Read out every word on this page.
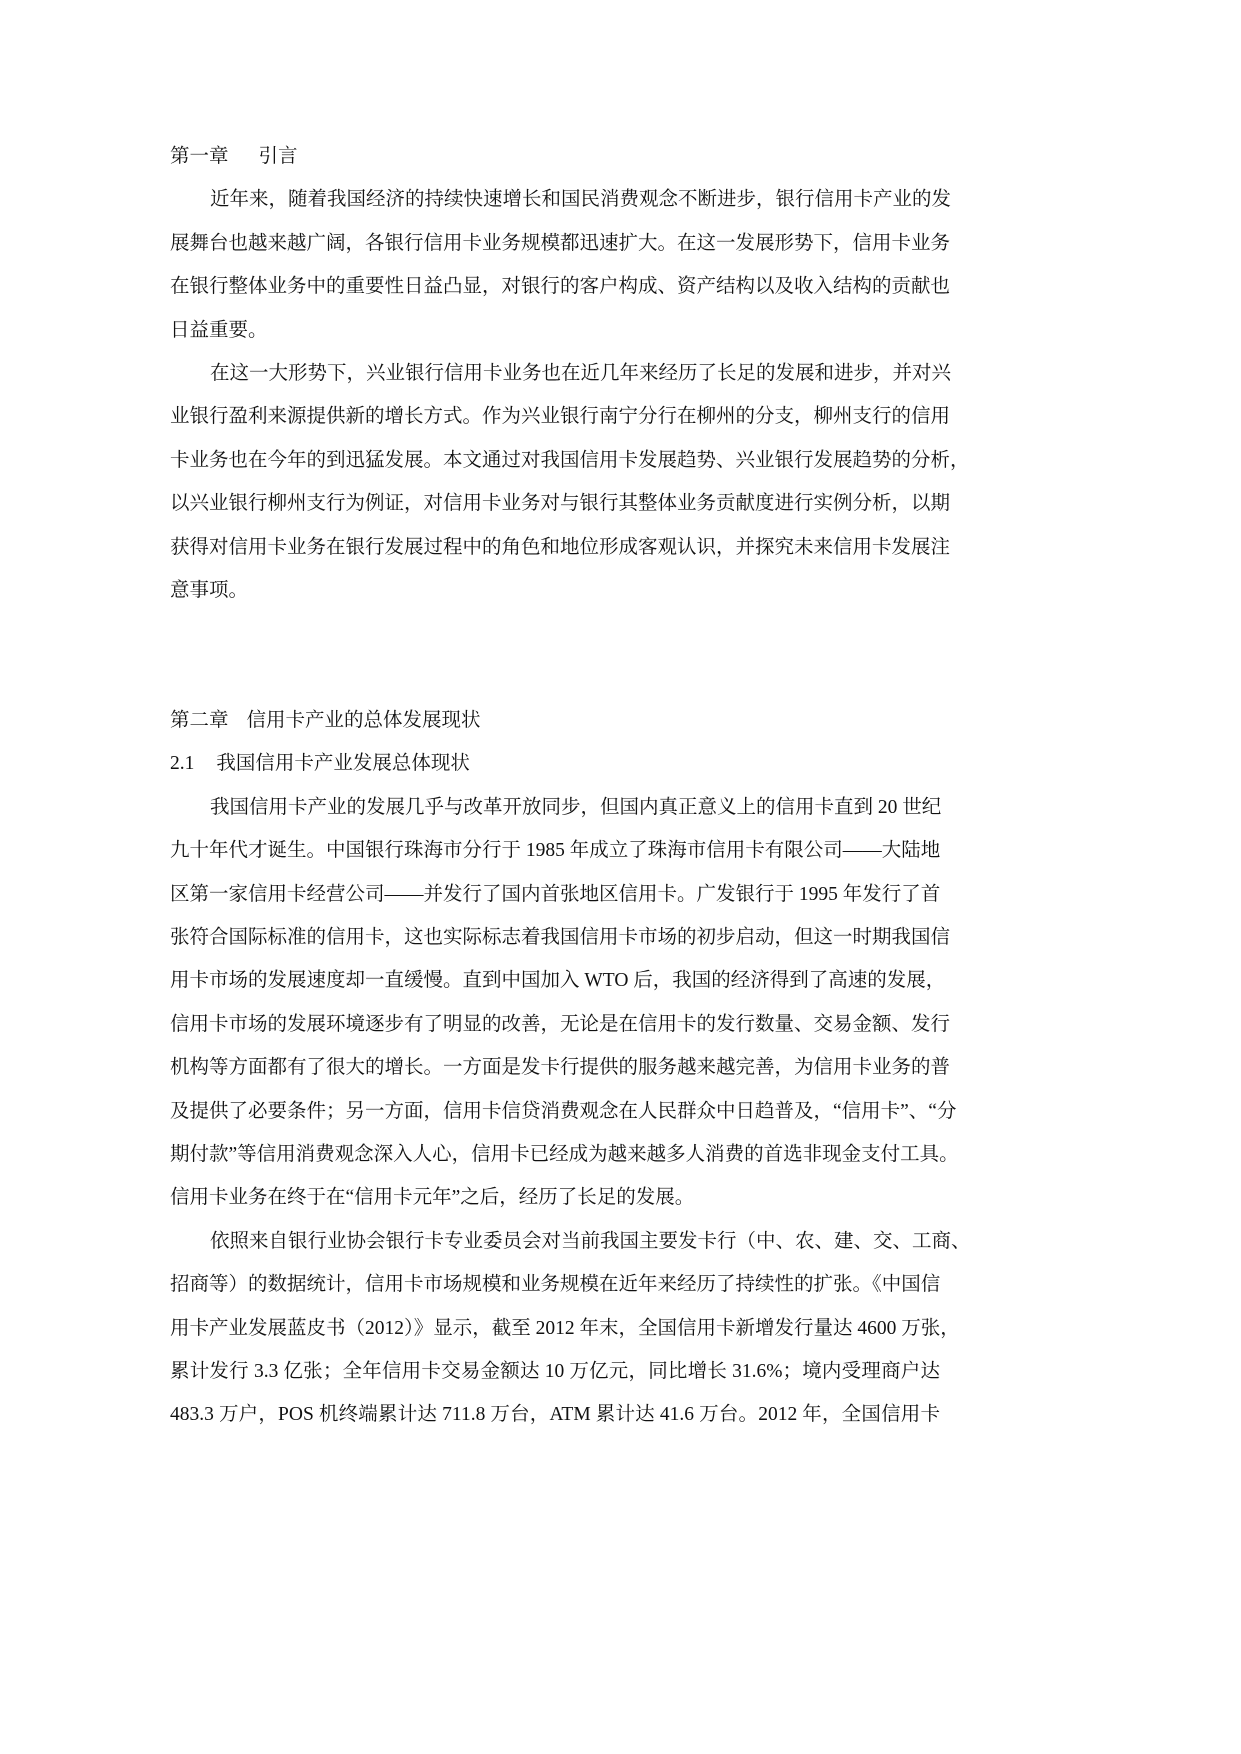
第一章 引言
近年来，随着我国经济的持续快速增长和国民消费观念不断进步，银行信用卡产业的发
展舞台也越来越广阔，各银行信用卡业务规模都迅速扩大。在这一发展形势下，信用卡业务
在银行整体业务中的重要性日益凸显，对银行的客户构成、资产结构以及收入结构的贡献也
日益重要。
在这一大形势下，兴业银行信用卡业务也在近几年来经历了长足的发展和进步，并对兴
业银行盈利来源提供新的增长方式。作为兴业银行南宁分行在柳州的分支，柳州支行的信用
卡业务也在今年的到迅猛发展。本文通过对我国信用卡发展趋势、兴业银行发展趋势的分析，
以兴业银行柳州支行为例证，对信用卡业务对与银行其整体业务贡献度进行实例分析，以期
获得对信用卡业务在银行发展过程中的角色和地位形成客观认识，并探究未来信用卡发展注
意事项。
第二章 信用卡产业的总体发展现状
2.1 我国信用卡产业发展总体现状
我国信用卡产业的发展几乎与改革开放同步，但国内真正意义上的信用卡直到 20 世纪
九十年代才诞生。中国银行珠海市分行于 1985 年成立了珠海市信用卡有限公司——大陆地
区第一家信用卡经营公司——并发行了国内首张地区信用卡。广发银行于 1995 年发行了首
张符合国际标准的信用卡，这也实际标志着我国信用卡市场的初步启动，但这一时期我国信
用卡市场的发展速度却一直缓慢。直到中国加入 WTO 后，我国的经济得到了高速的发展，
信用卡市场的发展环境逐步有了明显的改善，无论是在信用卡的发行数量、交易金额、发行
机构等方面都有了很大的增长。一方面是发卡行提供的服务越来越完善，为信用卡业务的普
及提供了必要条件；另一方面，信用卡信贷消费观念在人民群众中日趋普及，“信用卡”、“分
期付款”等信用消费观念深入人心，信用卡已经成为越来越多人消费的首选非现金支付工具。
信用卡业务在终于在“信用卡元年”之后，经历了长足的发展。
依照来自银行业协会银行卡专业委员会对当前我国主要发卡行（中、农、建、交、工商、
招商等）的数据统计，信用卡市场规模和业务规模在近年来经历了持续性的扩张。《中国信
用卡产业发展蓝皮书（2012）》显示，截至 2012 年末，全国信用卡新增发行量达 4600 万张，
累计发行 3.3 亿张；全年信用卡交易金额达 10 万亿元，同比增长 31.6%；境内受理商户达
483.3 万户，POS 机终端累计达 711.8 万台，ATM 累计达 41.6 万台。2012 年，全国信用卡
